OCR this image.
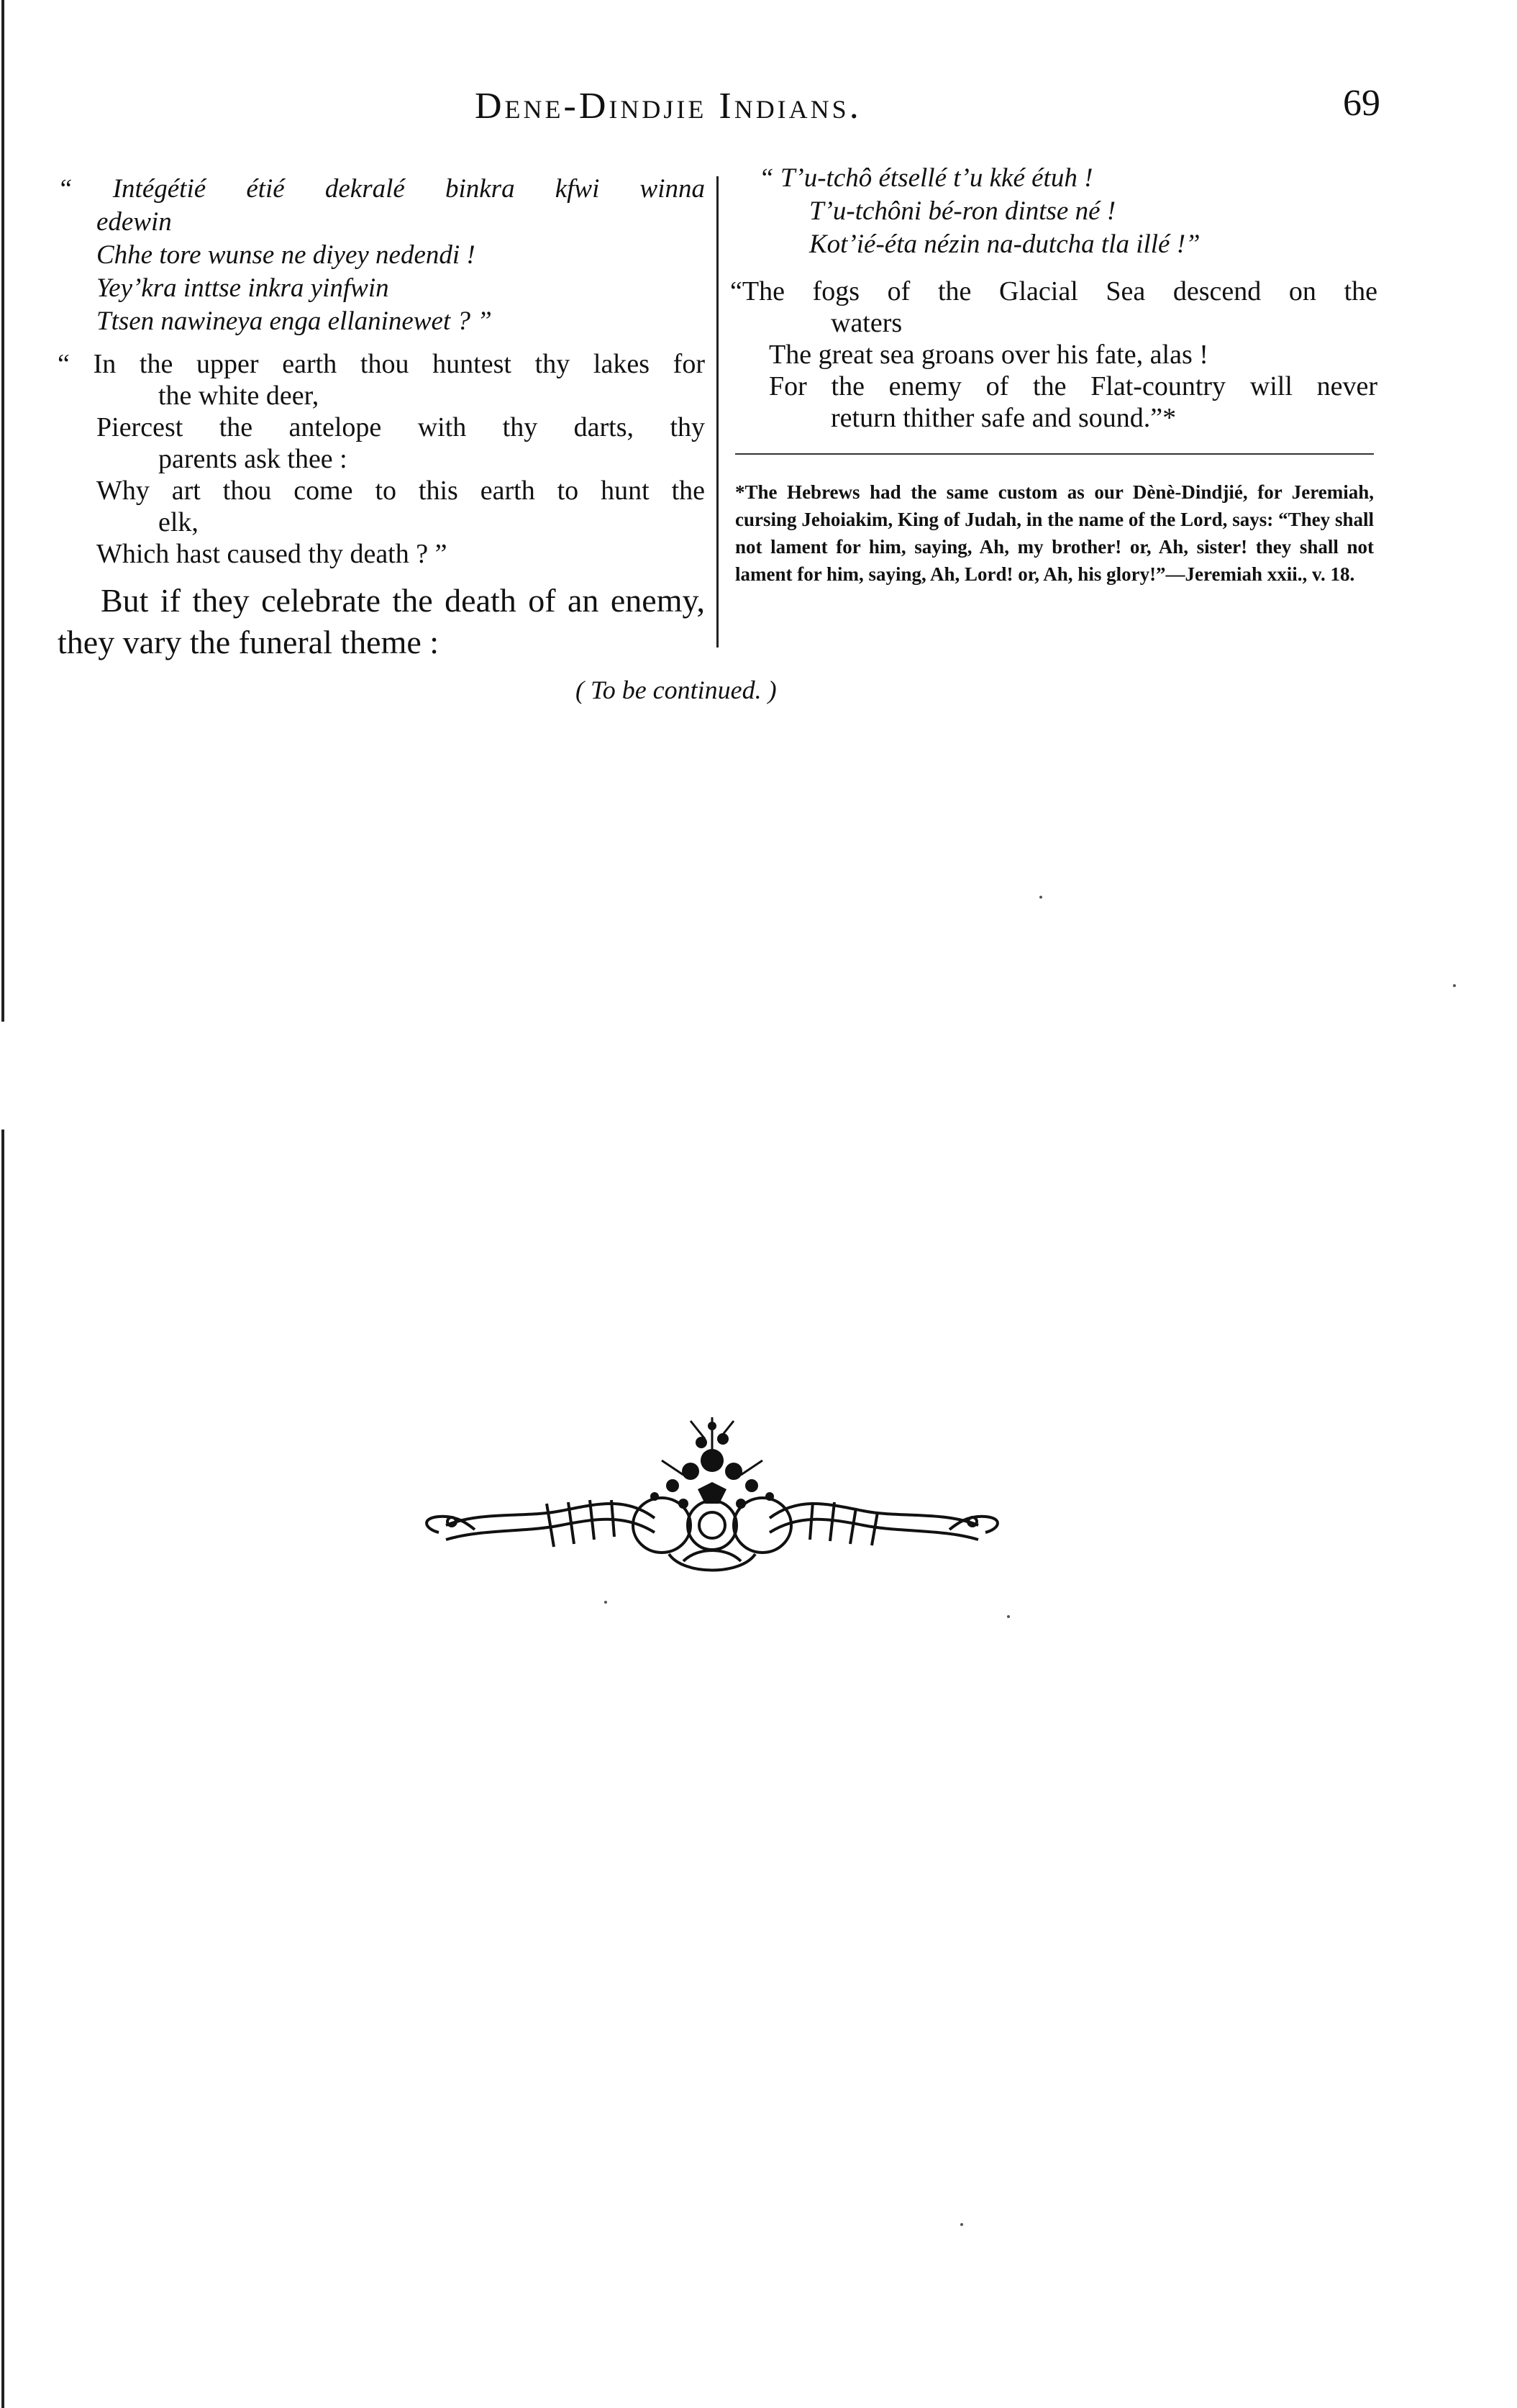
Dene-Dindjie Indians.	69
“ Intégétié étié dekralé binkra kfwi winna
edewin
Chhe tore wunse ne diyey nedendi !
Yey’kra inttse inkra yinfwin
Ttsen nawineya enga ellaninewet ? ”
“ In the upper earth thou huntest thy lakes for
the white deer,
Piercest the antelope with thy darts, thy
parents ask thee :
Why art thou come to this earth to hunt the
elk,
Which hast caused thy death ? ”
But if they celebrate the death of an enemy, they vary the funeral theme :
“ T’u-tchô étsellé t’u kké étuh !
T’u-tchôni bé-ron dintse né !
Kot’ié-éta nézin na-dutcha tla illé !”
“The fogs of the Glacial Sea descend on the
waters
The great sea groans over his fate, alas !
For the enemy of the Flat-country will never
return thither safe and sound.”*
*The Hebrews had the same custom as our Dènè-Dindjié, for Jeremiah, cursing Jehoiakim, King of Judah, in the name of the Lord, says: “They shall not lament for him, saying, Ah, my brother! or, Ah, sister! they shall not lament for him, saying, Ah, Lord! or, Ah, his glory!”—Jeremiah xxii., v. 18.
( To be continued. )
